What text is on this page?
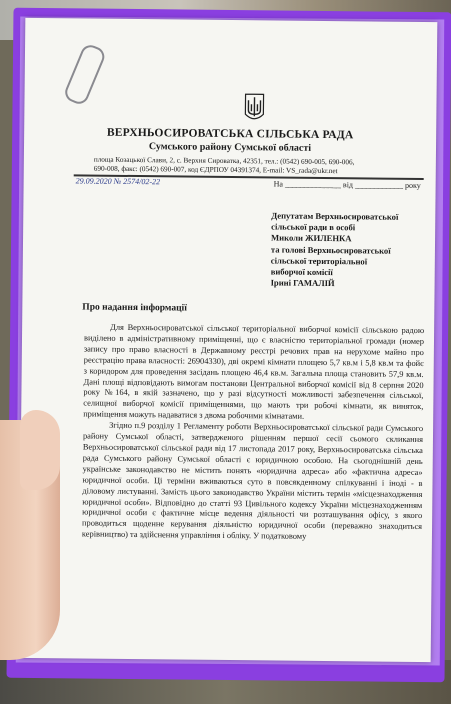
ВЕРХНЬОСИРОВАТСЬКА СІЛЬСЬКА РАДА
Сумського району Сумської області
площа Козацької Слави, 2, с. Верхня Сироватка, 42351, тел.: (0542) 690-005, 690-006,
690-008, факс: (0542) 690-007, код ЄДРПОУ 04391374, E-mail: VS_rada@ukr.net
29.09.2020 № 2574/02-22	На ______________ від ____________ року
Депутатам Верхньосироватської
сільської ради в особі
Миколи ЖИЛЕНКА
та голові Верхньосироватської
сільської територіальної
виборчої комісії
Ірині ГАМАЛІЙ
Про надання інформації

Для Верхньосироватської сільської територіальної виборчої комісії сільською радою виділено в адміністративному приміщенні, що є власністю територіальної громади (номер запису про право власності в Державному реєстрі речових прав на нерухоме майно про реєстрацію права власності: 26904330), дві окремі кімнати площею 5,7 кв.м і 5,8 кв.м та фойє з коридором для проведення засідань площею 46,4 кв.м. Загальна площа становить 57,9 кв.м. Дані площі відповідають вимогам постанови Центральної виборчої комісії від 8 серпня 2020 року №164, в якій зазначено, що у разі відсутності можливості забезпечення сільської, селищної виборчої комісії приміщеннями, що мають три робочі кімнати, як виняток, приміщення можуть надаватися з двома робочими кімнатами.

Згідно п.9 розділу 1 Регламенту роботи Верхньосироватської сільської ради Сумського району Сумської області, затвердженого рішенням першої сесії сьомого скликання Верхньосироватської сільської ради від 17 листопада 2017 року, Верхньосироватська сільська рада Сумського району Сумської області є юридичною особою. На сьогоднішній день українське законодавство не містить понять «юридична адреса» або «фактична адреса» юридичної особи. Ці терміни вживаються суто в повсякденному спілкуванні і іноді - в діловому листуванні. Замість цього законодавство України містить термін «місцезнаходження юридичної особи». Відповідно до статті 93 Цивільного кодексу України місцезнаходженням юридичної особи є фактичне місце ведення діяльності чи розташування офісу, з якого проводиться щоденне керування діяльністю юридичної особи (переважно знаходиться керівництво) та здійснення управління і обліку. У податковому
